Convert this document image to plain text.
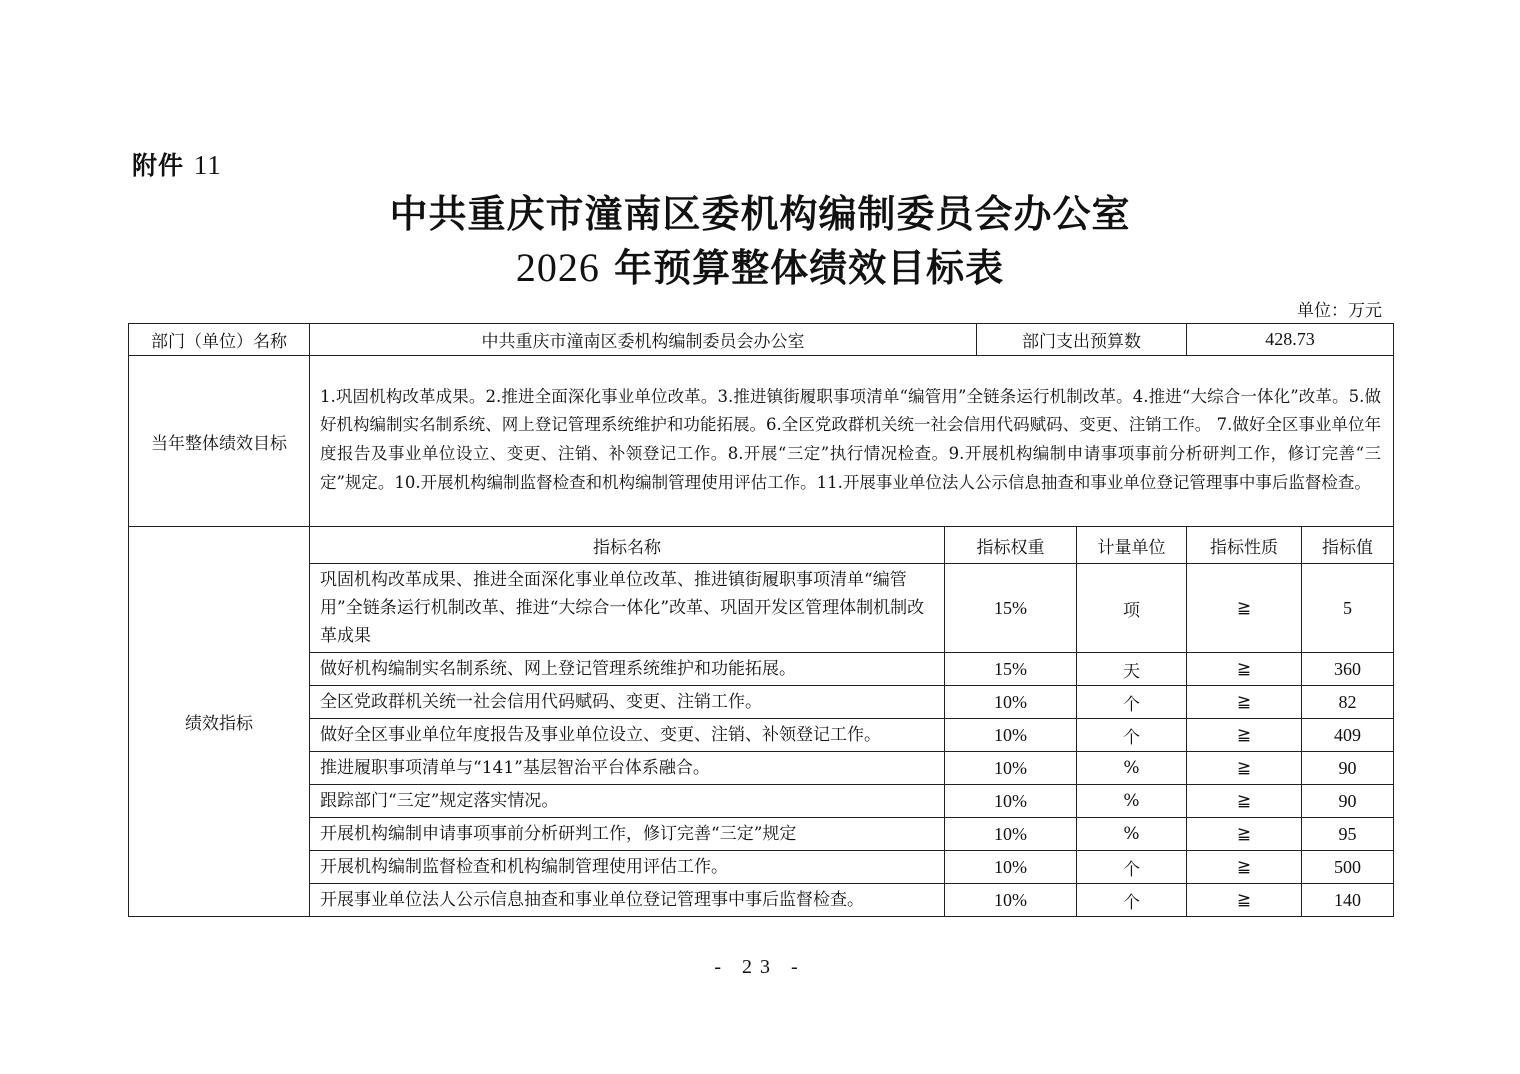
附件 11
中共重庆市潼南区委机构编制委员会办公室
2026 年预算整体绩效目标表
单位：万元
部门（单位）名称	中共重庆市潼南区委机构编制委员会办公室		部门支出预算数		428.73	
当年整体绩效目标	1.巩固机构改革成果。2.推进全面深化事业单位改革。3.推进镇街履职事项清单“编管用”全链条运行机制改革。4.推进“大综合一体化”改革。5.做好机构编制实名制系统、网上登记管理系统维护和功能拓展。6.全区党政群机关统一社会信用代码赋码、变更、注销工作。 7.做好全区事业单位年度报告及事业单位设立、变更、注销、补领登记工作。8.开展“三定”执行情况检查。9.开展机构编制申请事项事前分析研判工作，修订完善“三定”规定。10.开展机构编制监督检查和机构编制管理使用评估工作。11.开展事业单位法人公示信息抽查和事业单位登记管理事中事后监督检查。					
绩效指标	指标名称	指标权重		计量单位	指标性质	指标值
	巩固机构改革成果、推进全面深化事业单位改革、推进镇街履职事项清单“编管用”全链条运行机制改革、推进“大综合一体化”改革、巩固开发区管理体制机制改革成果	15%		项	≧	5
	做好机构编制实名制系统、网上登记管理系统维护和功能拓展。	15%		天	≧	360
	全区党政群机关统一社会信用代码赋码、变更、注销工作。	10%		个	≧	82
	做好全区事业单位年度报告及事业单位设立、变更、注销、补领登记工作。	10%		个	≧	409
	推进履职事项清单与“141”基层智治平台体系融合。	10%		%	≧	90
	跟踪部门“三定”规定落实情况。	10%		%	≧	90
	开展机构编制申请事项事前分析研判工作，修订完善“三定”规定	10%		%	≧	95
	开展机构编制监督检查和机构编制管理使用评估工作。	10%		个	≧	500
	开展事业单位法人公示信息抽查和事业单位登记管理事中事后监督检查。	10%		个	≧	140
- 23 -
